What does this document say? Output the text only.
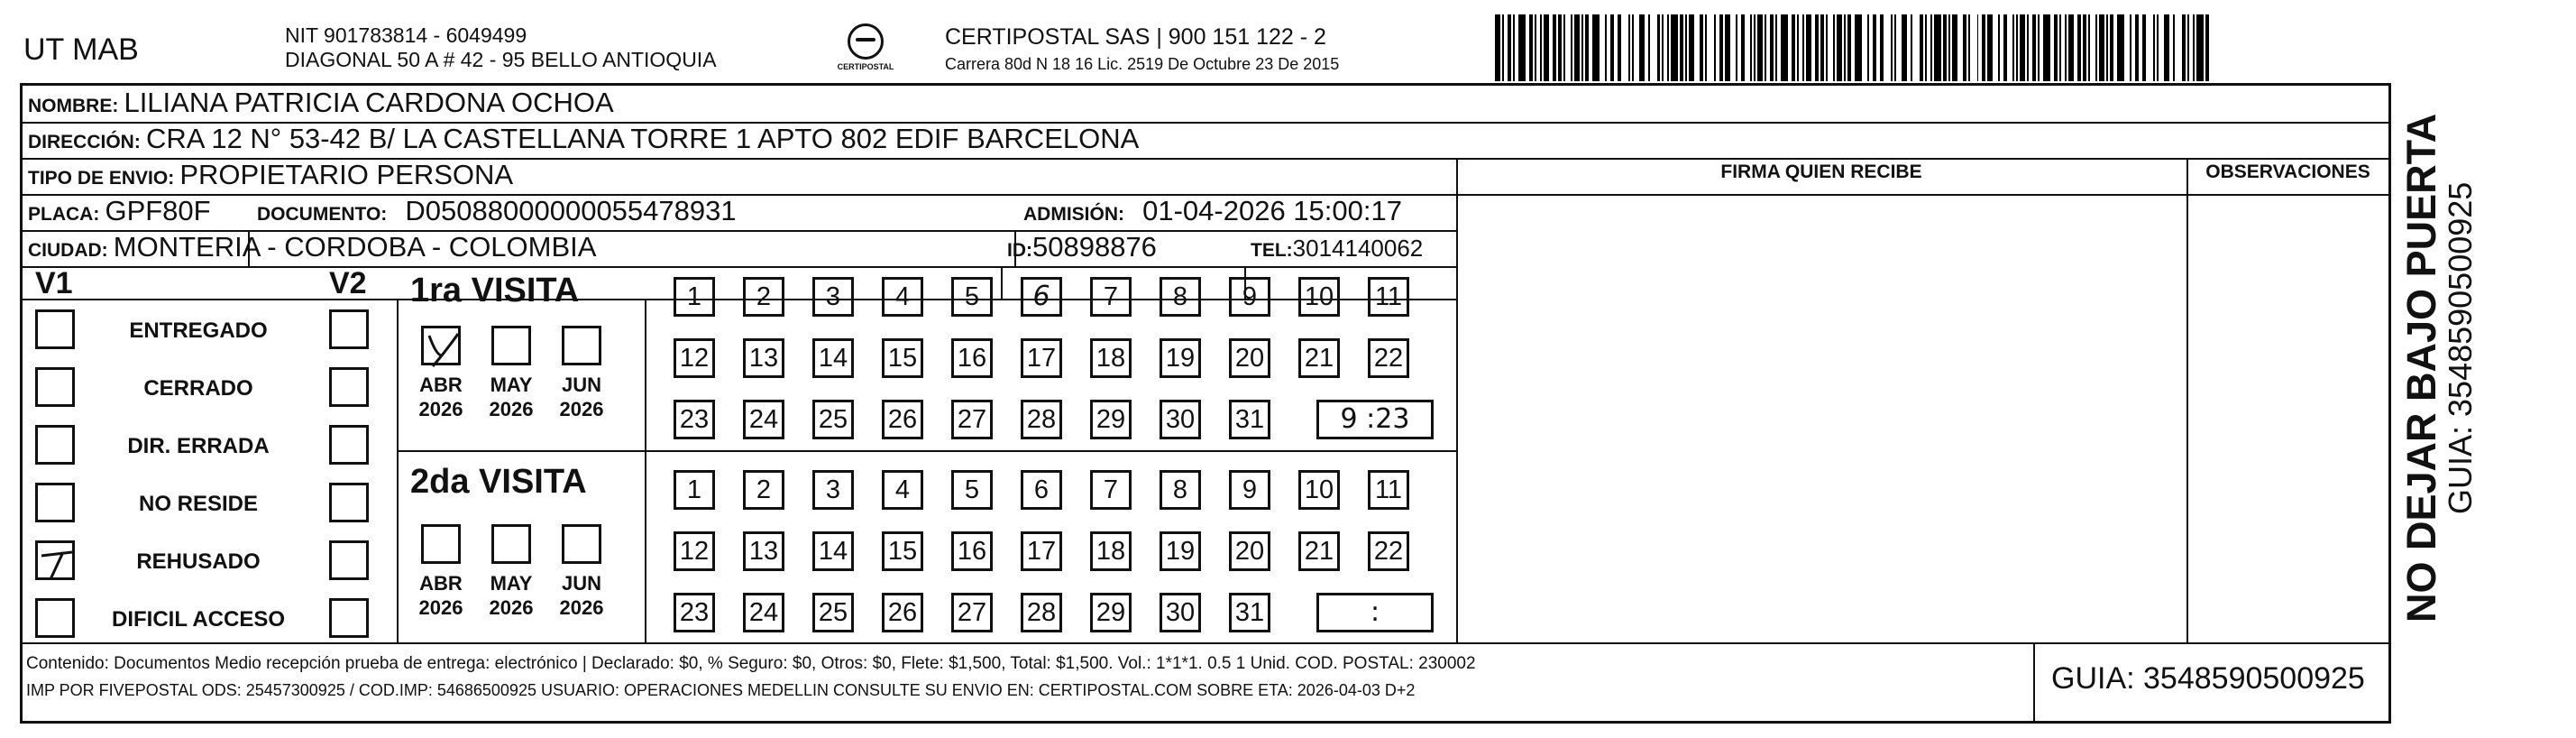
UT MAB	NIT 901783814 - 6049499
DIAGONAL 50 A # 42 - 95 BELLO ANTIOQUIA	CERTIPOSTAL
CERTIPOSTAL SAS | 900 151 122 - 2
Carrera 80d N 18 16 Lic. 2519 De Octubre 23 De 2015
NOMBRE: LILIANA PATRICIA CARDONA OCHOA
DIRECCIÓN: CRA 12 N° 53-42 B/ LA CASTELLANA TORRE 1 APTO 802 EDIF BARCELONA
TIPO DE ENVIO: PROPIETARIO PERSONA	FIRMA QUIEN RECIBE	OBSERVACIONES
PLACA: GPF80F DOCUMENTO: D05088000000055478931	ADMISIÓN: 01-04-2026 15:00:17
CIUDAD: MONTERIA - CORDOBA - COLOMBIA	ID:50898876	TEL:3014140062
V1	V2 1ra VISITA
2da VISITA
Contenido: Documentos Medio recepción prueba de entrega: electrónico | Declarado: $0, % Seguro: $0, Otros: $0, Flete: $1,500, Total: $1,500. Vol.: 1*1*1. 0.5 1 Unid. COD. POSTAL: 230002
IMP POR FIVEPOSTAL ODS: 25457300925 / COD.IMP: 54686500925 USUARIO: OPERACIONES MEDELLIN CONSULTE SU ENVIO EN: CERTIPOSTAL.COM SOBRE ETA: 2026-04-03 D+2	GUIA: 3548590500925
ENTREGADO
CERRADO
DIR. ERRADA
NO RESIDE
REHUSADO
DIFICIL ACCESO
ABR
2026
MAY
2026
JUN
2026
ABR
2026
MAY
2026
JUN
2026
1	2	3	4	5	6	7	8	9	10 11
12 13 14 15 16 17 18 19 20 21 22
23 24 25 26 27 28 29 30 31	9 :23
1	2	3	4	5	6	7	8	9	10 11
12 13 14 15 16 17 18 19 20 21 22
23 24 25 26 27 28 29 30 31	:	NO DEJAR BAJO PUERTA
GUIA: 3548590500925
